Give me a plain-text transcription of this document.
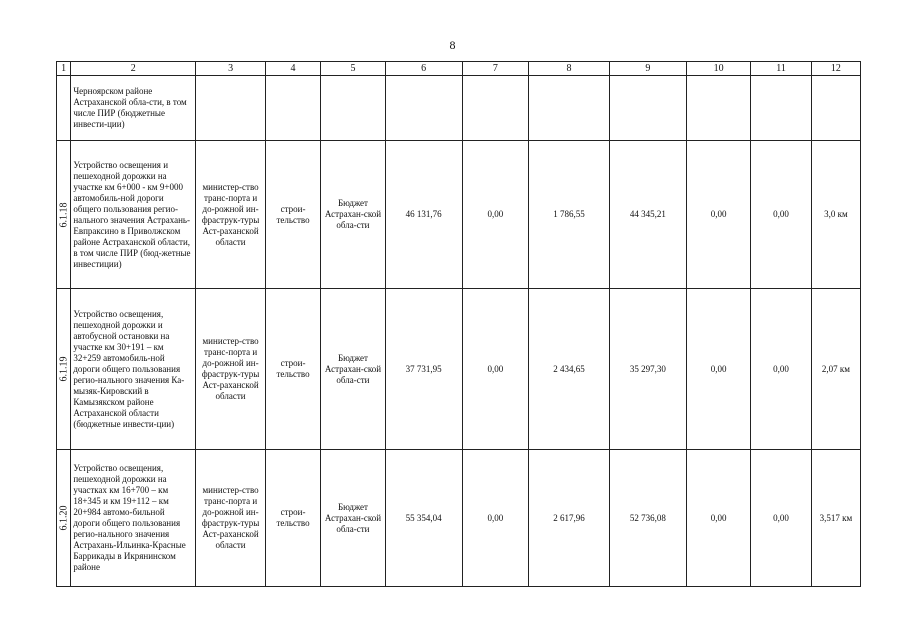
8
1	2	3	4	5	6	7	8	9	10	11	12

	Черноярском районе Астраханской обла-сти, в том числе ПИР (бюджетные инвести-ции)										

6.1.18	Устройство освещения и пешеходной дорожки на участке км 6+000 - км 9+000 автомобиль-ной дороги общего пользования регио-нального значения Астрахань-Евпраксино в Приволжском районе Астраханской области, в том числе ПИР (бюд-жетные инвестиции)	министер-ство транс-порта и до-рожной ин-фраструк-туры Аст-раханской области	строи-тельство	Бюджет Астрахан-ской обла-сти	46 131,76	0,00	1 786,55	44 345,21	0,00	0,00	3,0 км

6.1.19	Устройство освещения, пешеходной дорожки и автобусной остановки на участке км 30+191 – км 32+259 автомобиль-ной дороги общего пользования регио-нального значения Ка-мызяк-Кировский в Камызякском районе Астраханской области (бюджетные инвести-ции)	министер-ство транс-порта и до-рожной ин-фраструк-туры Аст-раханской области	строи-тельство	Бюджет Астрахан-ской обла-сти	37 731,95	0,00	2 434,65	35 297,30	0,00	0,00	2,07 км

6.1.20	Устройство освещения, пешеходной дорожки на участках км 16+700 – км 18+345 и км 19+112 – км 20+984 автомо-бильной дороги общего пользования регио-нального значения Астрахань-Ильинка-Красные Баррикады в Икрянинском районе	министер-ство транс-порта и до-рожной ин-фраструк-туры Аст-раханской области	строи-тельство	Бюджет Астрахан-ской обла-сти	55 354,04	0,00	2 617,96	52 736,08	0,00	0,00	3,517 км
